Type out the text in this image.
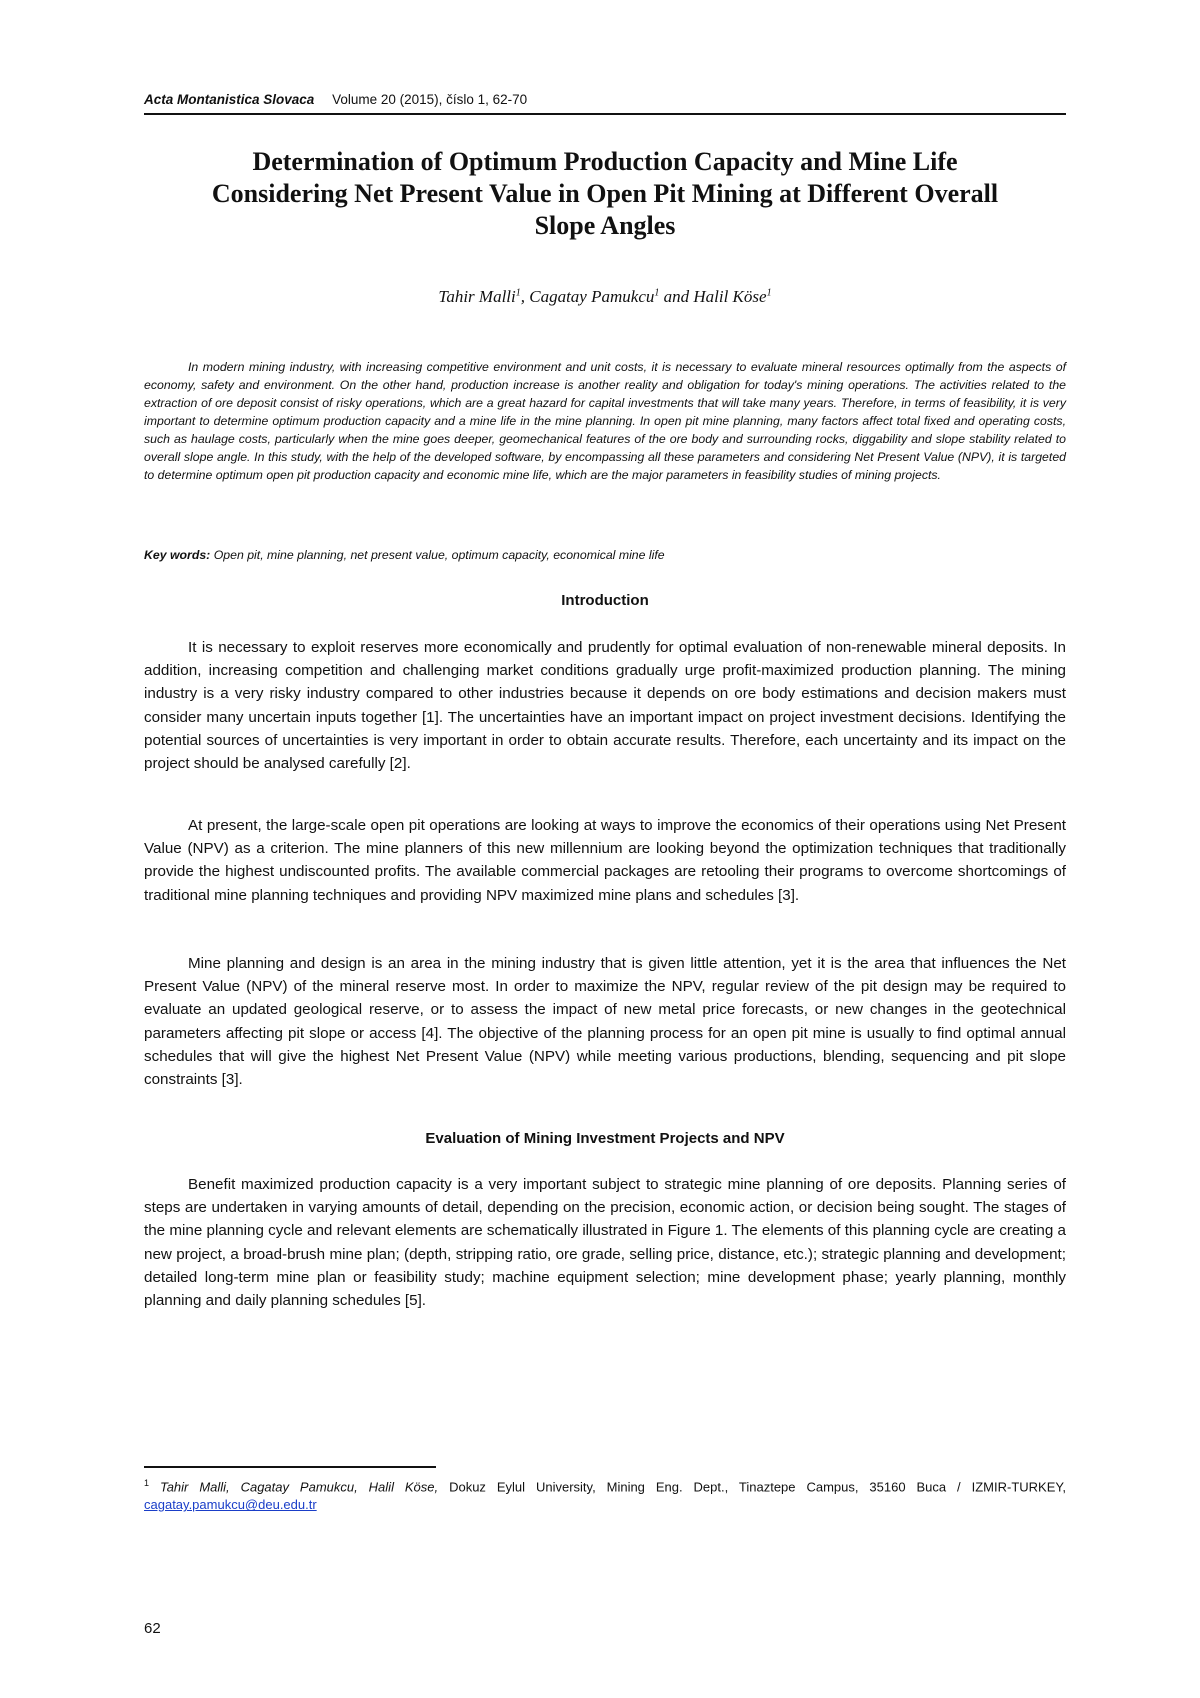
Acta Montanistica Slovaca Volume 20 (2015), číslo 1, 62-70
Determination of Optimum Production Capacity and Mine Life Considering Net Present Value in Open Pit Mining at Different Overall Slope Angles
Tahir Malli$^1$, Cagatay Pamukcu$^1$ and Halil Köse$^1$

In modern mining industry, with increasing competitive environment and unit costs, it is necessary to evaluate mineral resources optimally from the aspects of economy, safety and environment. On the other hand, production increase is another reality and obligation for today's mining operations. The activities related to the extraction of ore deposit consist of risky operations, which are a great hazard for capital investments that will take many years. Therefore, in terms of feasibility, it is very important to determine optimum production capacity and a mine life in the mine planning. In open pit mine planning, many factors affect total fixed and operating costs, such as haulage costs, particularly when the mine goes deeper, geomechanical features of the ore body and surrounding rocks, diggability and slope stability related to overall slope angle. In this study, with the help of the developed software, by encompassing all these parameters and considering Net Present Value (NPV), it is targeted to determine optimum open pit production capacity and economic mine life, which are the major parameters in feasibility studies of mining projects.

Key words: Open pit, mine planning, net present value, optimum capacity, economical mine life

Introduction

It is necessary to exploit reserves more economically and prudently for optimal evaluation of non-renewable mineral deposits. In addition, increasing competition and challenging market conditions gradually urge profit-maximized production planning. The mining industry is a very risky industry compared to other industries because it depends on ore body estimations and decision makers must consider many uncertain inputs together [1]. The uncertainties have an important impact on project investment decisions. Identifying the potential sources of uncertainties is very important in order to obtain accurate results. Therefore, each uncertainty and its impact on the project should be analysed carefully [2].

At present, the large-scale open pit operations are looking at ways to improve the economics of their operations using Net Present Value (NPV) as a criterion. The mine planners of this new millennium are looking beyond the optimization techniques that traditionally provide the highest undiscounted profits. The available commercial packages are retooling their programs to overcome shortcomings of traditional mine planning techniques and providing NPV maximized mine plans and schedules [3].

Mine planning and design is an area in the mining industry that is given little attention, yet it is the area that influences the Net Present Value (NPV) of the mineral reserve most. In order to maximize the NPV, regular review of the pit design may be required to evaluate an updated geological reserve, or to assess the impact of new metal price forecasts, or new changes in the geotechnical parameters affecting pit slope or access [4]. The objective of the planning process for an open pit mine is usually to find optimal annual schedules that will give the highest Net Present Value (NPV) while meeting various productions, blending, sequencing and pit slope constraints [3].

Evaluation of Mining Investment Projects and NPV

Benefit maximized production capacity is a very important subject to strategic mine planning of ore deposits. Planning series of steps are undertaken in varying amounts of detail, depending on the precision, economic action, or decision being sought. The stages of the mine planning cycle and relevant elements are schematically illustrated in Figure 1. The elements of this planning cycle are creating a new project, a broad-brush mine plan; (depth, stripping ratio, ore grade, selling price, distance, etc.); strategic planning and development; detailed long-term mine plan or feasibility study; machine equipment selection; mine development phase; yearly planning, monthly planning and daily planning schedules [5].

$^1$ Tahir Malli, Cagatay Pamukcu, Halil Köse, Dokuz Eylul University, Mining Eng. Dept., Tinaztepe Campus, 35160 Buca / IZMIR-TURKEY, cagatay.pamukcu@deu.edu.tr

62
